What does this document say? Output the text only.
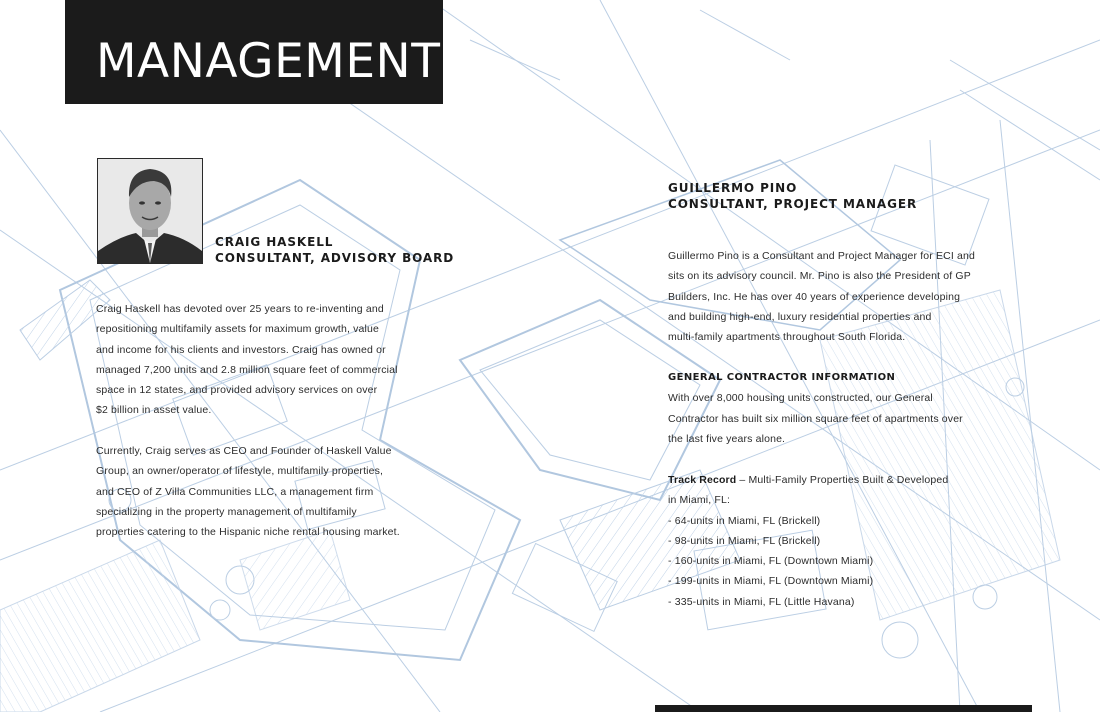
MANAGEMENT
CRAIG HASKELL
CONSULTANT, ADVISORY BOARD
Craig Haskell has devoted over 25 years to re-inventing and
repositioning multifamily assets for maximum growth, value
and income for his clients and investors. Craig has owned or
managed 7,200 units and 2.8 million square feet of commercial
space in 12 states, and provided advisory services on over
$2 billion in asset value.
Currently, Craig serves as CEO and Founder of Haskell Value
Group, an owner/operator of lifestyle, multifamily properties,
and CEO of Z Villa Communities LLC, a management firm
specializing in the property management of multifamily
properties catering to the Hispanic niche rental housing market.
GUILLERMO PINO
CONSULTANT, PROJECT MANAGER
Guillermo Pino is a Consultant and Project Manager for ECI and
sits on its advisory council. Mr. Pino is also the President of GP
Builders, Inc. He has over 40 years of experience developing
and building high-end, luxury residential properties and
multi-family apartments throughout South Florida.
GENERAL CONTRACTOR INFORMATION
With over 8,000 housing units constructed, our General
Contractor has built six million square feet of apartments over
the last five years alone.
Track Record – Multi-Family Properties Built & Developed
in Miami, FL:
- 64-units in Miami, FL (Brickell)
- 98-units in Miami, FL (Brickell)
- 160-units in Miami, FL (Downtown Miami)
- 199-units in Miami, FL (Downtown Miami)
- 335-units in Miami, FL (Little Havana)
